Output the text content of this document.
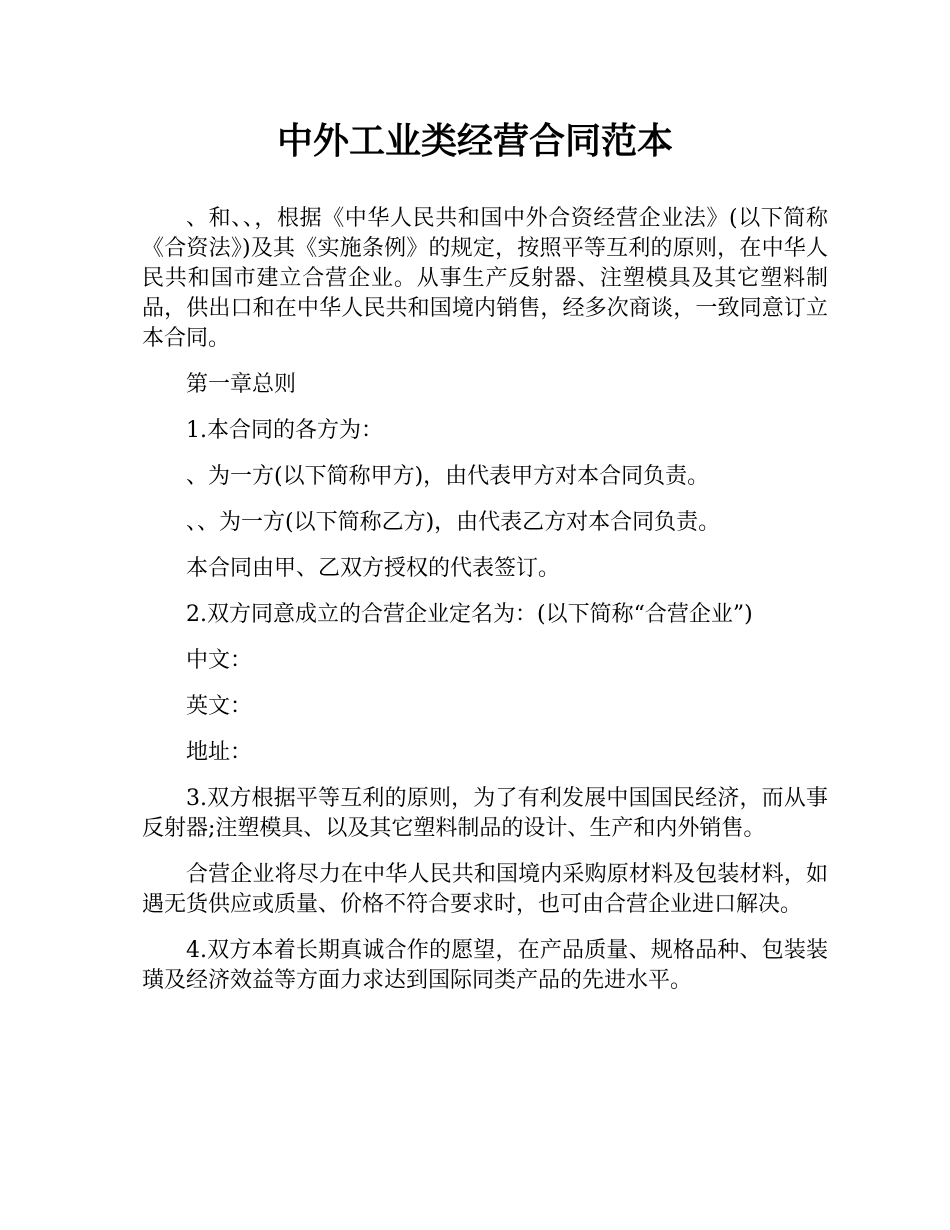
中外工业类经营合同范本

、和、、，根据《中华人民共和国中外合资经营企业法》(以下简称《合资法》)及其《实施条例》的规定，按照平等互利的原则，在中华人民共和国市建立合营企业。从事生产反射器、注塑模具及其它塑料制品，供出口和在中华人民共和国境内销售，经多次商谈，一致同意订立本合同。

第一章总则

1.本合同的各方为：

、为一方(以下简称甲方)，由代表甲方对本合同负责。

、、为一方(以下简称乙方)，由代表乙方对本合同负责。

本合同由甲、乙双方授权的代表签订。

2.双方同意成立的合营企业定名为：(以下简称“合营企业”)

中文：

英文：

地址：

3.双方根据平等互利的原则，为了有利发展中国国民经济，而从事反射器;注塑模具、以及其它塑料制品的设计、生产和内外销售。

合营企业将尽力在中华人民共和国境内采购原材料及包装材料，如遇无货供应或质量、价格不符合要求时，也可由合营企业进口解决。

4.双方本着长期真诚合作的愿望，在产品质量、规格品种、包装装璜及经济效益等方面力求达到国际同类产品的先进水平。
